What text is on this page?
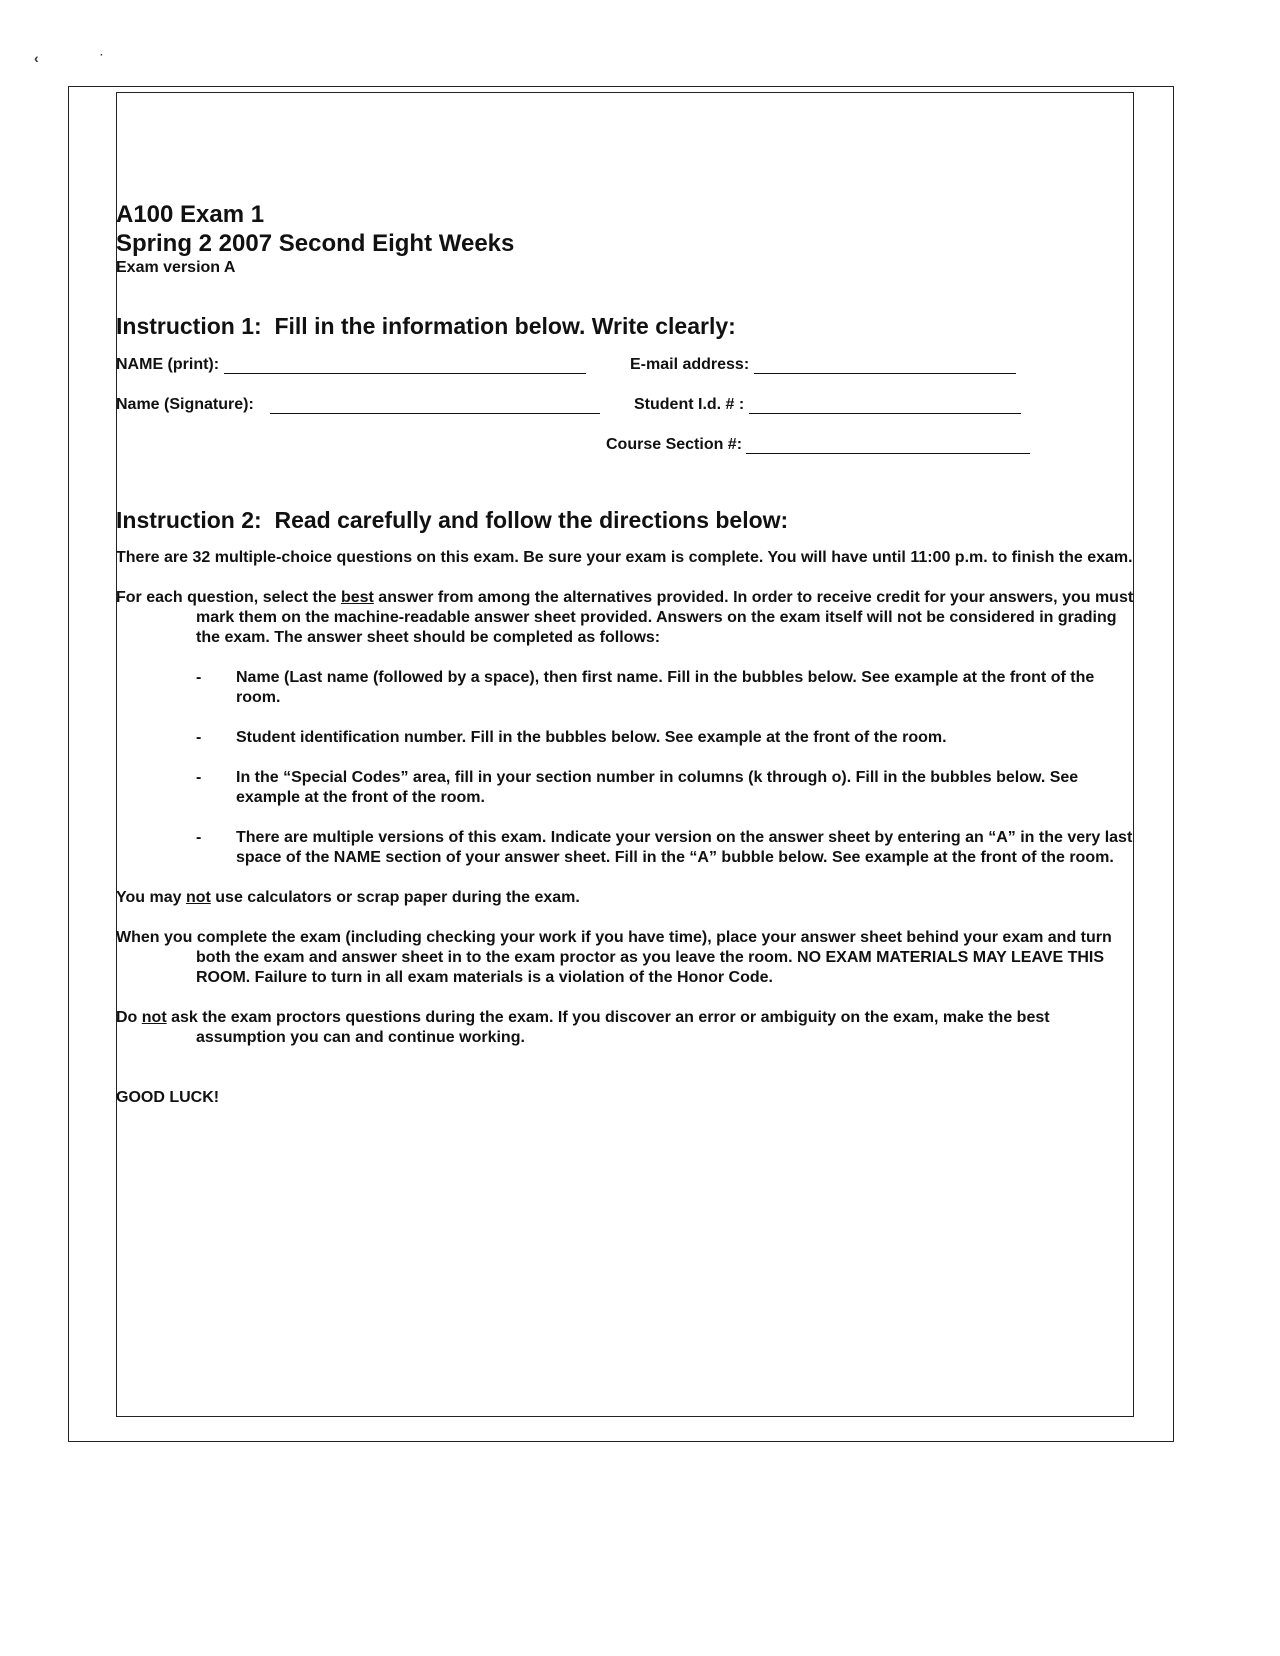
‹	·

A100 Exam 1

Spring 2 2007 Second Eight Weeks

Exam version A

Instruction 1: Fill in the information below. Write clearly:

NAME (print):	E-mail address:
Name (Signature):	Student I.d. # :
Course Section #:

Instruction 2: Read carefully and follow the directions below:

There are 32 multiple-choice questions on this exam. Be sure your exam is complete. You will have until 11:00 p.m. to finish the exam.

For each question, select the best answer from among the alternatives provided. In order to receive credit for your answers, you must mark them on the machine-readable answer sheet provided. Answers on the exam itself will not be considered in grading the exam. The answer sheet should be completed as follows:

- Name (Last name (followed by a space), then first name. Fill in the bubbles below. See example at the front of the room.

- Student identification number. Fill in the bubbles below. See example at the front of the room.

- In the “Special Codes” area, fill in your section number in columns (k through o). Fill in the bubbles below. See example at the front of the room.

- There are multiple versions of this exam. Indicate your version on the answer sheet by entering an “A” in the very last space of the NAME section of your answer sheet. Fill in the “A” bubble below. See example at the front of the room.

You may not use calculators or scrap paper during the exam.

When you complete the exam (including checking your work if you have time), place your answer sheet behind your exam and turn both the exam and answer sheet in to the exam proctor as you leave the room. NO EXAM MATERIALS MAY LEAVE THIS ROOM. Failure to turn in all exam materials is a violation of the Honor Code.

Do not ask the exam proctors questions during the exam. If you discover an error or ambiguity on the exam, make the best assumption you can and continue working.

GOOD LUCK!
